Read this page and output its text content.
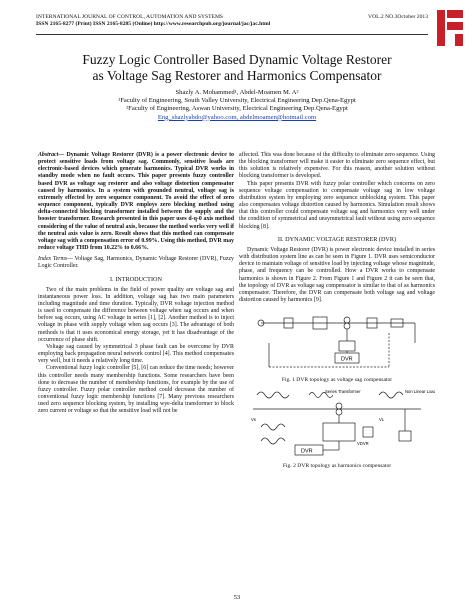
INTERNATIONAL JOURNAL OF CONTROL, AUTOMATION AND SYSTEMS	VOL.2 NO.3October 2013
ISSN 2165-8277 (Print) ISSN 2165-8285 (Online) http://www.researchpub.org/journal/jac/jac.html
Fuzzy Logic Controller Based Dynamic Voltage Restorer
as Voltage Sag Restorer and Harmonics Compensator
Shazly A. Mohammed¹, Abdel-Moamen M. A²
¹Faculty of Engineering, South Valley University, Electrical Engineering Dep.Qena-Egypt
²Faculty of Engineering, Aswan University, Electrical Engineering Dep.Qena-Egypt
Eng_shazlyabdo@yahoo.com, abdelmoamen@hotmail.com

Abstract— Dynamic Voltage Restorer (DVR) is a power electronic device to protect sensitive loads from voltage sag. Commonly, sensitive loads are electronic-based devices which generate harmonics. Typical DVR works in standby mode when no fault occurs. This paper presents fuzzy controller based DVR as voltage sag restorer and also voltage distortion compensator caused by harmonics. In a system with grounded neutral, voltage sag is extremely effected by zero sequence component. To avoid the effect of zero sequence component, typically DVR employs zero blocking method using delta-connected blocking transformer installed between the supply and the booster transformer. Research presented in this paper uses d-q-0 axis method considering of the value of neutral axis, because the method works very well if the neutral axis value is zero. Result shows that this method can compensate voltage sag with a compensation error of 0.99%. Using this method, DVR may reduce voltage THD from 10.22% to 0.66%.

Index Terms— Voltage Sag, Harmonics, Dynamic Voltage Restorer (DVR), Fuzzy Logic Controller.

I. INTRODUCTION

Two of the main problems in the field of power quality are voltage sag and instantaneous power loss. In addition, voltage sag has two main parameters including magnitude and time duration. Typically, DVR voltage injection method is used to compensate the difference between voltage when sag occurs and when before sag occurs, using AC voltage in series [1], [2]. Another method is to inject voltage in phase with supply voltage when sag occurs [3]. The advantage of both methods is that it uses economical energy storage, yet it has disadvantage of the occurrence of phase shift.

Voltage sag caused by symmetrical 3 phase fault can be overcome by DVR employing back propagation neural network control [4]. This method compensates very well, but it needs a relatively long time.

Conventional fuzzy logic controller [5], [6] can reduce the time needs; however this controller needs many membership functions. Some researchers have been done to decrease the number of membership functions, for example by the use of fuzzy controller. Fuzzy polar controller method could decrease the number of conventional fuzzy logic membership functions [7]. Many previous researchers used zero sequence blocking system, by installing wye-delta transformer to block zero current or voltage so that the sensitive load will not be

affected. This was done because of the difficulty to eliminate zero sequence. Using the blocking transformer will make it easier to eliminate zero sequence effect, but this solution is relatively expensive. For this reason, another solution without blocking transformer is developed.

This paper presents DVR with fuzzy polar controller which concerns on zero sequence voltage compensation to compensate voltage sag in low voltage distribution system by employing zero sequence unblocking system. This paper also compensates voltage distortion caused by harmonics. Simulation result shows that this controller could compensate voltage sag and harmonics very well under the condition of symmetrical and unsymmetrical fault without using zero sequence blocking [8].

II. DYNAMIC VOLTAGE RESTORER (DVR)

Dynamic Voltage Restorer (DVR) is power electronic device installed in series with distribution system line as can be seen in Figure 1. DVR uses semiconductor device to maintain voltage of sensitive load by injecting voltage whose magnitude, phase, and frequency can be controlled. How a DVR works to compensate harmonics is shown in Figure 2. From Figure 1 and Figure 2 it can be seen that, the topology of DVR as voltage sag compensator is similar to that of as harmonics compensator. Therefore, the DVR can compensate both voltage sag and voltage distortion caused by harmonics [9].

DVR

Fig. 1 DVR topology as voltage sag compensator

Series Transformer	Non Linear Load
Vs	VL
VDVR
DVR

Fig. 2 DVR topology as harmonics compensator

53
